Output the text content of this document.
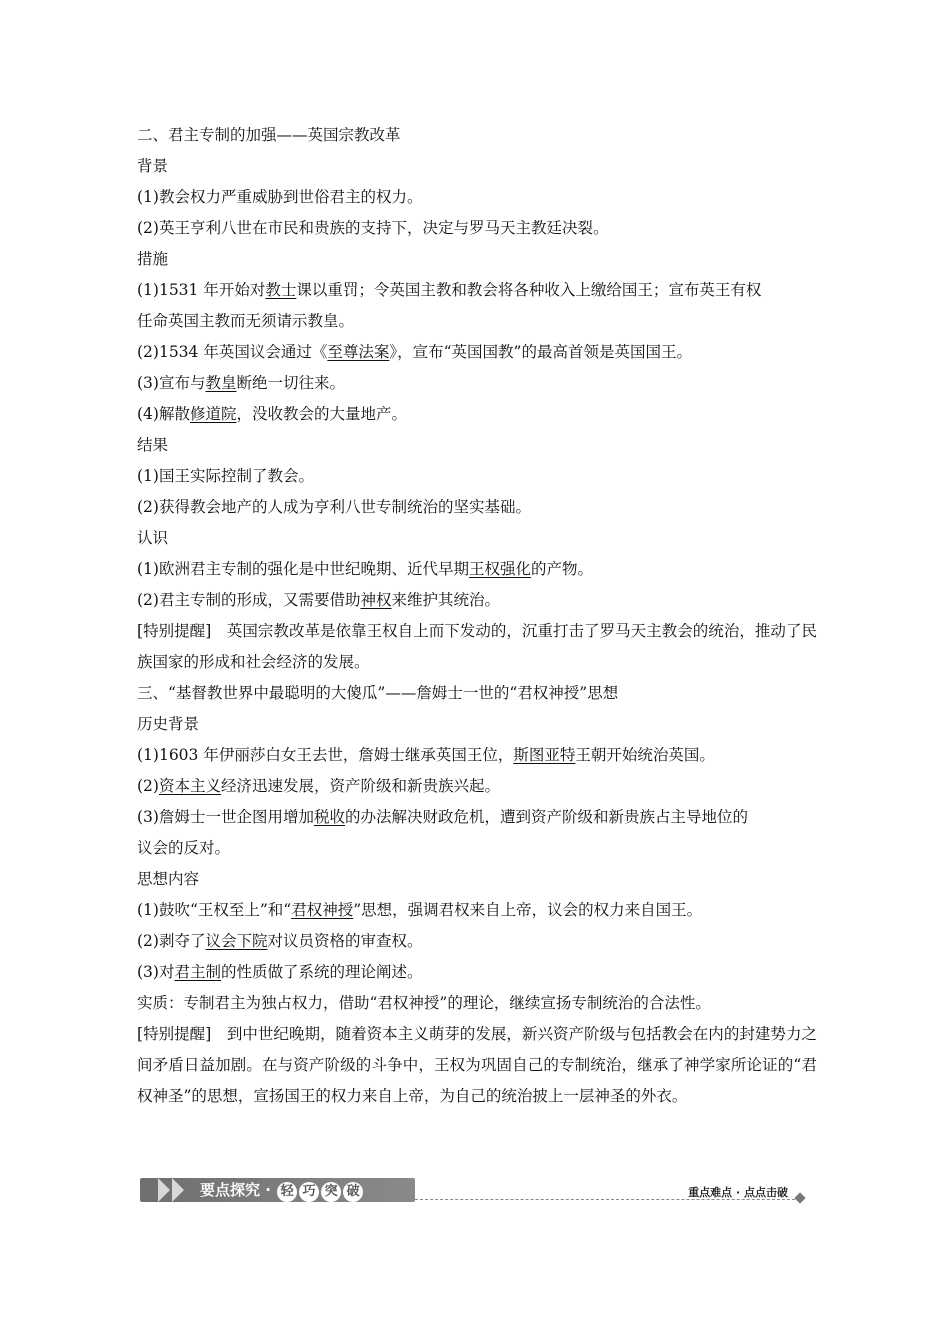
二、君主专制的加强——英国宗教改革
背景
(1)教会权力严重威胁到世俗君主的权力。
(2)英王亨利八世在市民和贵族的支持下，决定与罗马天主教廷决裂。
措施
(1)1531 年开始对教士课以重罚；令英国主教和教会将各种收入上缴给国王；宣布英王有权
任命英国主教而无须请示教皇。
(2)1534 年英国议会通过《至尊法案》，宣布“英国国教”的最高首领是英国国王。
(3)宣布与教皇断绝一切往来。
(4)解散修道院，没收教会的大量地产。
结果
(1)国王实际控制了教会。
(2)获得教会地产的人成为亨利八世专制统治的坚实基础。
认识
(1)欧洲君主专制的强化是中世纪晚期、近代早期王权强化的产物。
(2)君主专制的形成，又需要借助神权来维护其统治。
[特别提醒]　英国宗教改革是依靠王权自上而下发动的，沉重打击了罗马天主教会的统治，推动了民族国家的形成和社会经济的发展。
三、“基督教世界中最聪明的大傻瓜”——詹姆士一世的“君权神授”思想
历史背景
(1)1603 年伊丽莎白女王去世，詹姆士继承英国王位，斯图亚特王朝开始统治英国。
(2)资本主义经济迅速发展，资产阶级和新贵族兴起。
(3)詹姆士一世企图用增加税收的办法解决财政危机，遭到资产阶级和新贵族占主导地位的
议会的反对。
思想内容
(1)鼓吹“王权至上”和“君权神授”思想，强调君权来自上帝，议会的权力来自国王。
(2)剥夺了议会下院对议员资格的审查权。
(3)对君主制的性质做了系统的理论阐述。
实质：专制君主为独占权力，借助“君权神授”的理论，继续宣扬专制统治的合法性。
[特别提醒]　到中世纪晚期，随着资本主义萌芽的发展，新兴资产阶级与包括教会在内的封建势力之间矛盾日益加剧。在与资产阶级的斗争中，王权为巩固自己的专制统治，继承了神学家所论证的“君权神圣”的思想，宣扬国王的权力来自上帝，为自己的统治披上一层神圣的外衣。
要点探究 · 轻 巧 突 破	重点难点 · 点点击破
